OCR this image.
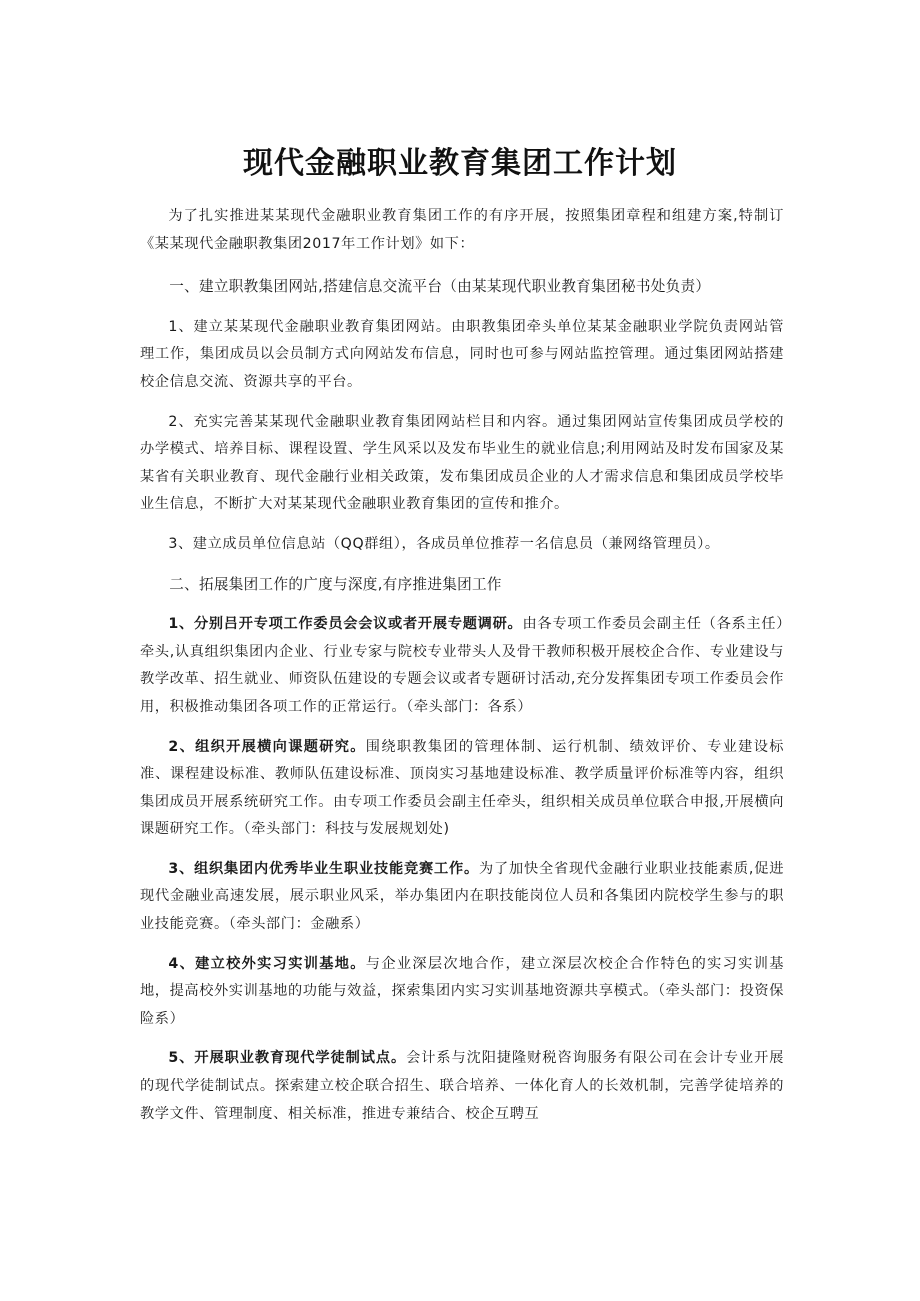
现代金融职业教育集团工作计划

为了扎实推进某某现代金融职业教育集团工作的有序开展，按照集团章程和组建方案,特制订《某某现代金融职教集团2017年工作计划》如下：

一、建立职教集团网站,搭建信息交流平台（由某某现代职业教育集团秘书处负责）

1、建立某某现代金融职业教育集团网站。由职教集团牵头单位某某金融职业学院负责网站管理工作，集团成员以会员制方式向网站发布信息，同时也可参与网站监控管理。通过集团网站搭建校企信息交流、资源共享的平台。

2、充实完善某某现代金融职业教育集团网站栏目和内容。通过集团网站宣传集团成员学校的办学模式、培养目标、课程设置、学生风采以及发布毕业生的就业信息;利用网站及时发布国家及某某省有关职业教育、现代金融行业相关政策，发布集团成员企业的人才需求信息和集团成员学校毕业生信息，不断扩大对某某现代金融职业教育集团的宣传和推介。

3、建立成员单位信息站（QQ群组），各成员单位推荐一名信息员（兼网络管理员）。

二、拓展集团工作的广度与深度,有序推进集团工作

1、分别吕开专项工作委员会会议或者开展专题调研。由各专项工作委员会副主任（各系主任）牵头,认真组织集团内企业、行业专家与院校专业带头人及骨干教师积极开展校企合作、专业建设与教学改革、招生就业、师资队伍建设的专题会议或者专题研讨活动,充分发挥集团专项工作委员会作用，积极推动集团各项工作的正常运行。（牵头部门：各系）

2、组织开展横向课题研究。围绕职教集团的管理体制、运行机制、绩效评价、专业建设标准、课程建设标准、教师队伍建设标准、顶岗实习基地建设标准、教学质量评价标准等内容，组织集团成员开展系统研究工作。由专项工作委员会副主任牵头，组织相关成员单位联合申报,开展横向课题研究工作。（牵头部门：科技与发展规划处)

3、组织集团内优秀毕业生职业技能竞赛工作。为了加快全省现代金融行业职业技能素质,促进现代金融业高速发展，展示职业风采，举办集团内在职技能岗位人员和各集团内院校学生参与的职业技能竞赛。（牵头部门：金融系）

4、建立校外实习实训基地。与企业深层次地合作，建立深层次校企合作特色的实习实训基地，提高校外实训基地的功能与效益，探索集团内实习实训基地资源共享模式。（牵头部门：投资保险系）

5、开展职业教育现代学徒制试点。会计系与沈阳捷隆财税咨询服务有限公司在会计专业开展的现代学徒制试点。探索建立校企联合招生、联合培养、一体化育人的长效机制，完善学徒培养的教学文件、管理制度、相关标准，推进专兼结合、校企互聘互
